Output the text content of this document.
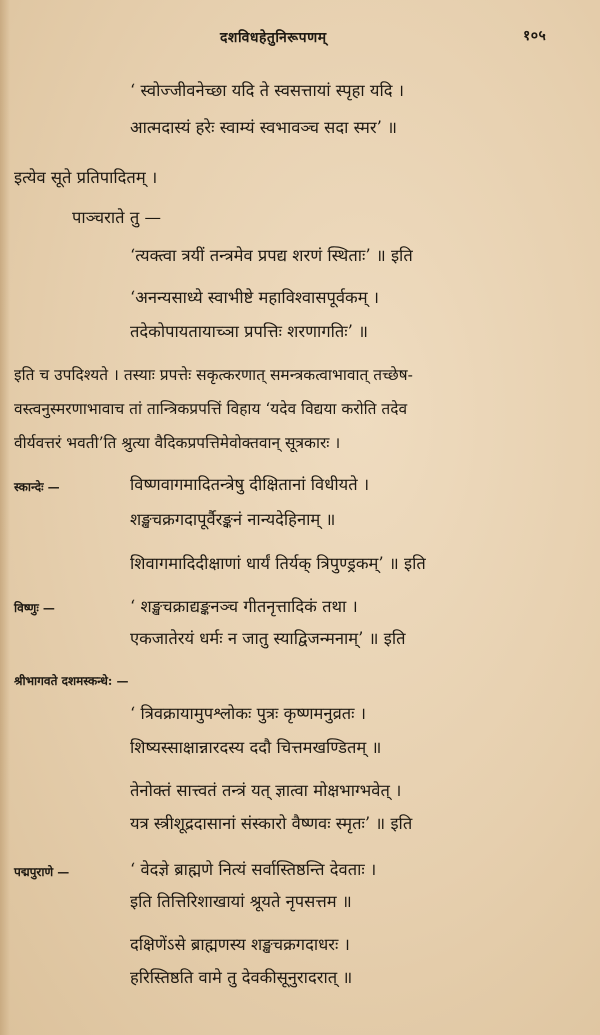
दशविधहेतुनिरूपणम्	१०५
‘ स्वोज्जीवनेच्छा यदि ते स्वसत्तायां स्पृहा यदि ।
आत्मदास्यं हरेः स्वाम्यं स्वभावञ्च सदा स्मर’ ॥
इत्येव सूते प्रतिपादितम् ।
पाञ्चराते तु —
‘त्यक्त्वा त्रयीं तन्त्रमेव प्रपद्य शरणं स्थिताः’ ॥ इति
‘अनन्यसाध्ये स्वाभीष्टे महाविश्वासपूर्वकम् ।
तदेकोपायतायाच्ञा प्रपत्तिः शरणागतिः’ ॥
इति च उपदिश्यते । तस्याः प्रपत्तेः सकृत्करणात् समन्त्रकत्वाभावात् तच्छेष-
वस्त्वनुस्मरणाभावाच तां तान्त्रिकप्रपत्तिं विहाय ‘यदेव विद्यया करोति तदेव
वीर्यवत्तरं भवती’ति श्रुत्या वैदिकप्रपत्तिमेवोक्तवान् सूत्रकारः ।
स्कान्देः —	विष्णवागमादितन्त्रेषु दीक्षितानां विधीयते ।
शङ्खचक्रगदापूर्वैरङ्कनं नान्यदेहिनाम् ॥
शिवागमादिदीक्षाणां धार्यं तिर्यक् त्रिपुण्ड्रकम्’ ॥ इति
विष्णुः —	‘ शङ्खचक्राद्यङ्कनञ्च गीतनृत्तादिकं तथा ।
एकजातेरयं धर्मः न जातु स्याद्विजन्मनाम्’ ॥ इति
श्रीभागवते दशमस्कन्धे: —
‘ त्रिवक्रायामुपश्लोकः पुत्रः कृष्णमनुव्रतः ।
शिष्यस्साक्षान्नारदस्य ददौ चित्तमखण्डितम् ॥
तेनोक्तं सात्त्वतं तन्त्रं यत् ज्ञात्वा मोक्षभाग्भवेत् ।
यत्र स्त्रीशूद्रदासानां संस्कारो वैष्णवः स्मृतः’ ॥ इति
पद्मपुराणे —	‘ वेदज्ञे ब्राह्मणे नित्यं सर्वास्तिष्ठन्ति देवताः ।
इति तित्तिरिशाखायां श्रूयते नृपसत्तम ॥
दक्षिणेंऽसे ब्राह्मणस्य शङ्खचक्रगदाधरः ।
हरिस्तिष्ठति वामे तु देवकीसूनुरादरात् ॥
